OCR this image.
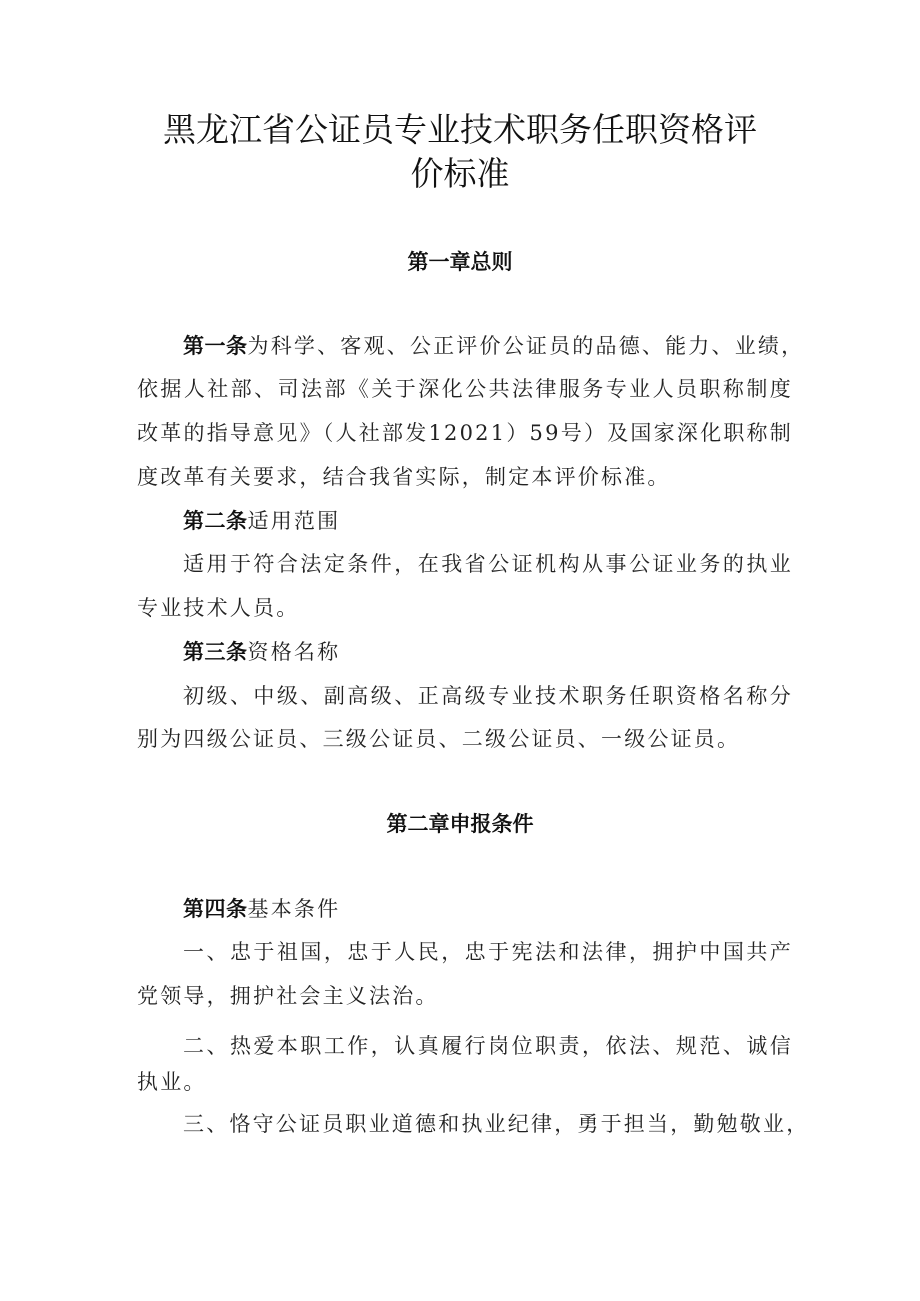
黑龙江省公证员专业技术职务任职资格评
价标准
第一章总则
第一条为科学、客观、公正评价公证员的品德、能力、业绩，
依据人社部、司法部《关于深化公共法律服务专业人员职称制度
改革的指导意见》（人社部发12021）59号）及国家深化职称制
度改革有关要求，结合我省实际，制定本评价标准。
第二条适用范围
适用于符合法定条件，在我省公证机构从事公证业务的执业
专业技术人员。
第三条资格名称
初级、中级、副高级、正高级专业技术职务任职资格名称分
别为四级公证员、三级公证员、二级公证员、一级公证员。
第二章申报条件
第四条基本条件
一、忠于祖国，忠于人民，忠于宪法和法律，拥护中国共产
党领导，拥护社会主义法治。
二、热爱本职工作，认真履行岗位职责，依法、规范、诚信
执业。
三、恪守公证员职业道德和执业纪律，勇于担当，勤勉敬业，
